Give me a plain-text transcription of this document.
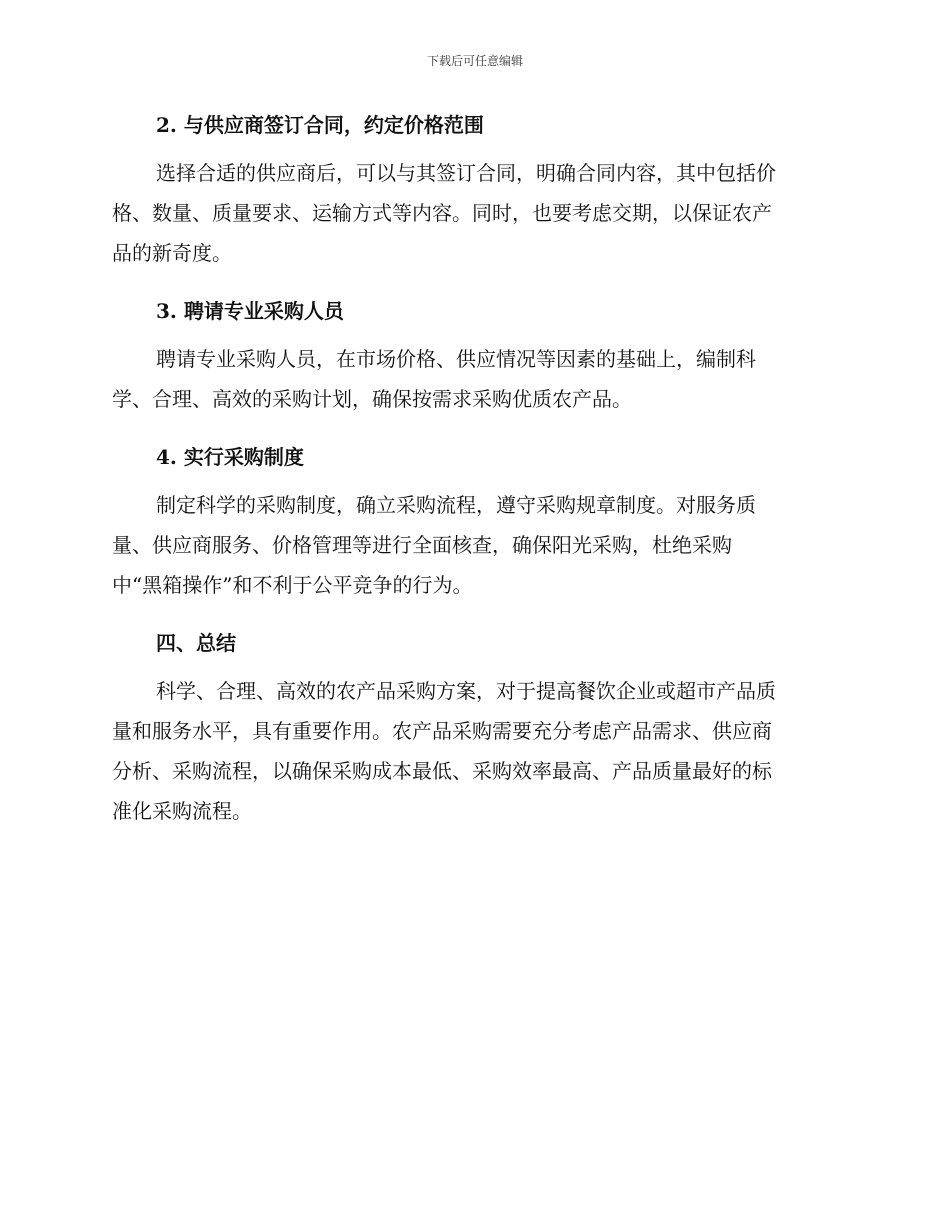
下载后可任意编辑
2. 与供应商签订合同，约定价格范围

选择合适的供应商后，可以与其签订合同，明确合同内容，其中包括价
格、数量、质量要求、运输方式等内容。同时，也要考虑交期，以保证农产
品的新奇度。

3. 聘请专业采购人员

聘请专业采购人员，在市场价格、供应情况等因素的基础上，编制科
学、合理、高效的采购计划，确保按需求采购优质农产品。

4. 实行采购制度

制定科学的采购制度，确立采购流程，遵守采购规章制度。对服务质
量、供应商服务、价格管理等进行全面核查，确保阳光采购，杜绝采购
中“黑箱操作”和不利于公平竞争的行为。

四、总结

科学、合理、高效的农产品采购方案，对于提高餐饮企业或超市产品质
量和服务水平，具有重要作用。农产品采购需要充分考虑产品需求、供应商
分析、采购流程，以确保采购成本最低、采购效率最高、产品质量最好的标
准化采购流程。
